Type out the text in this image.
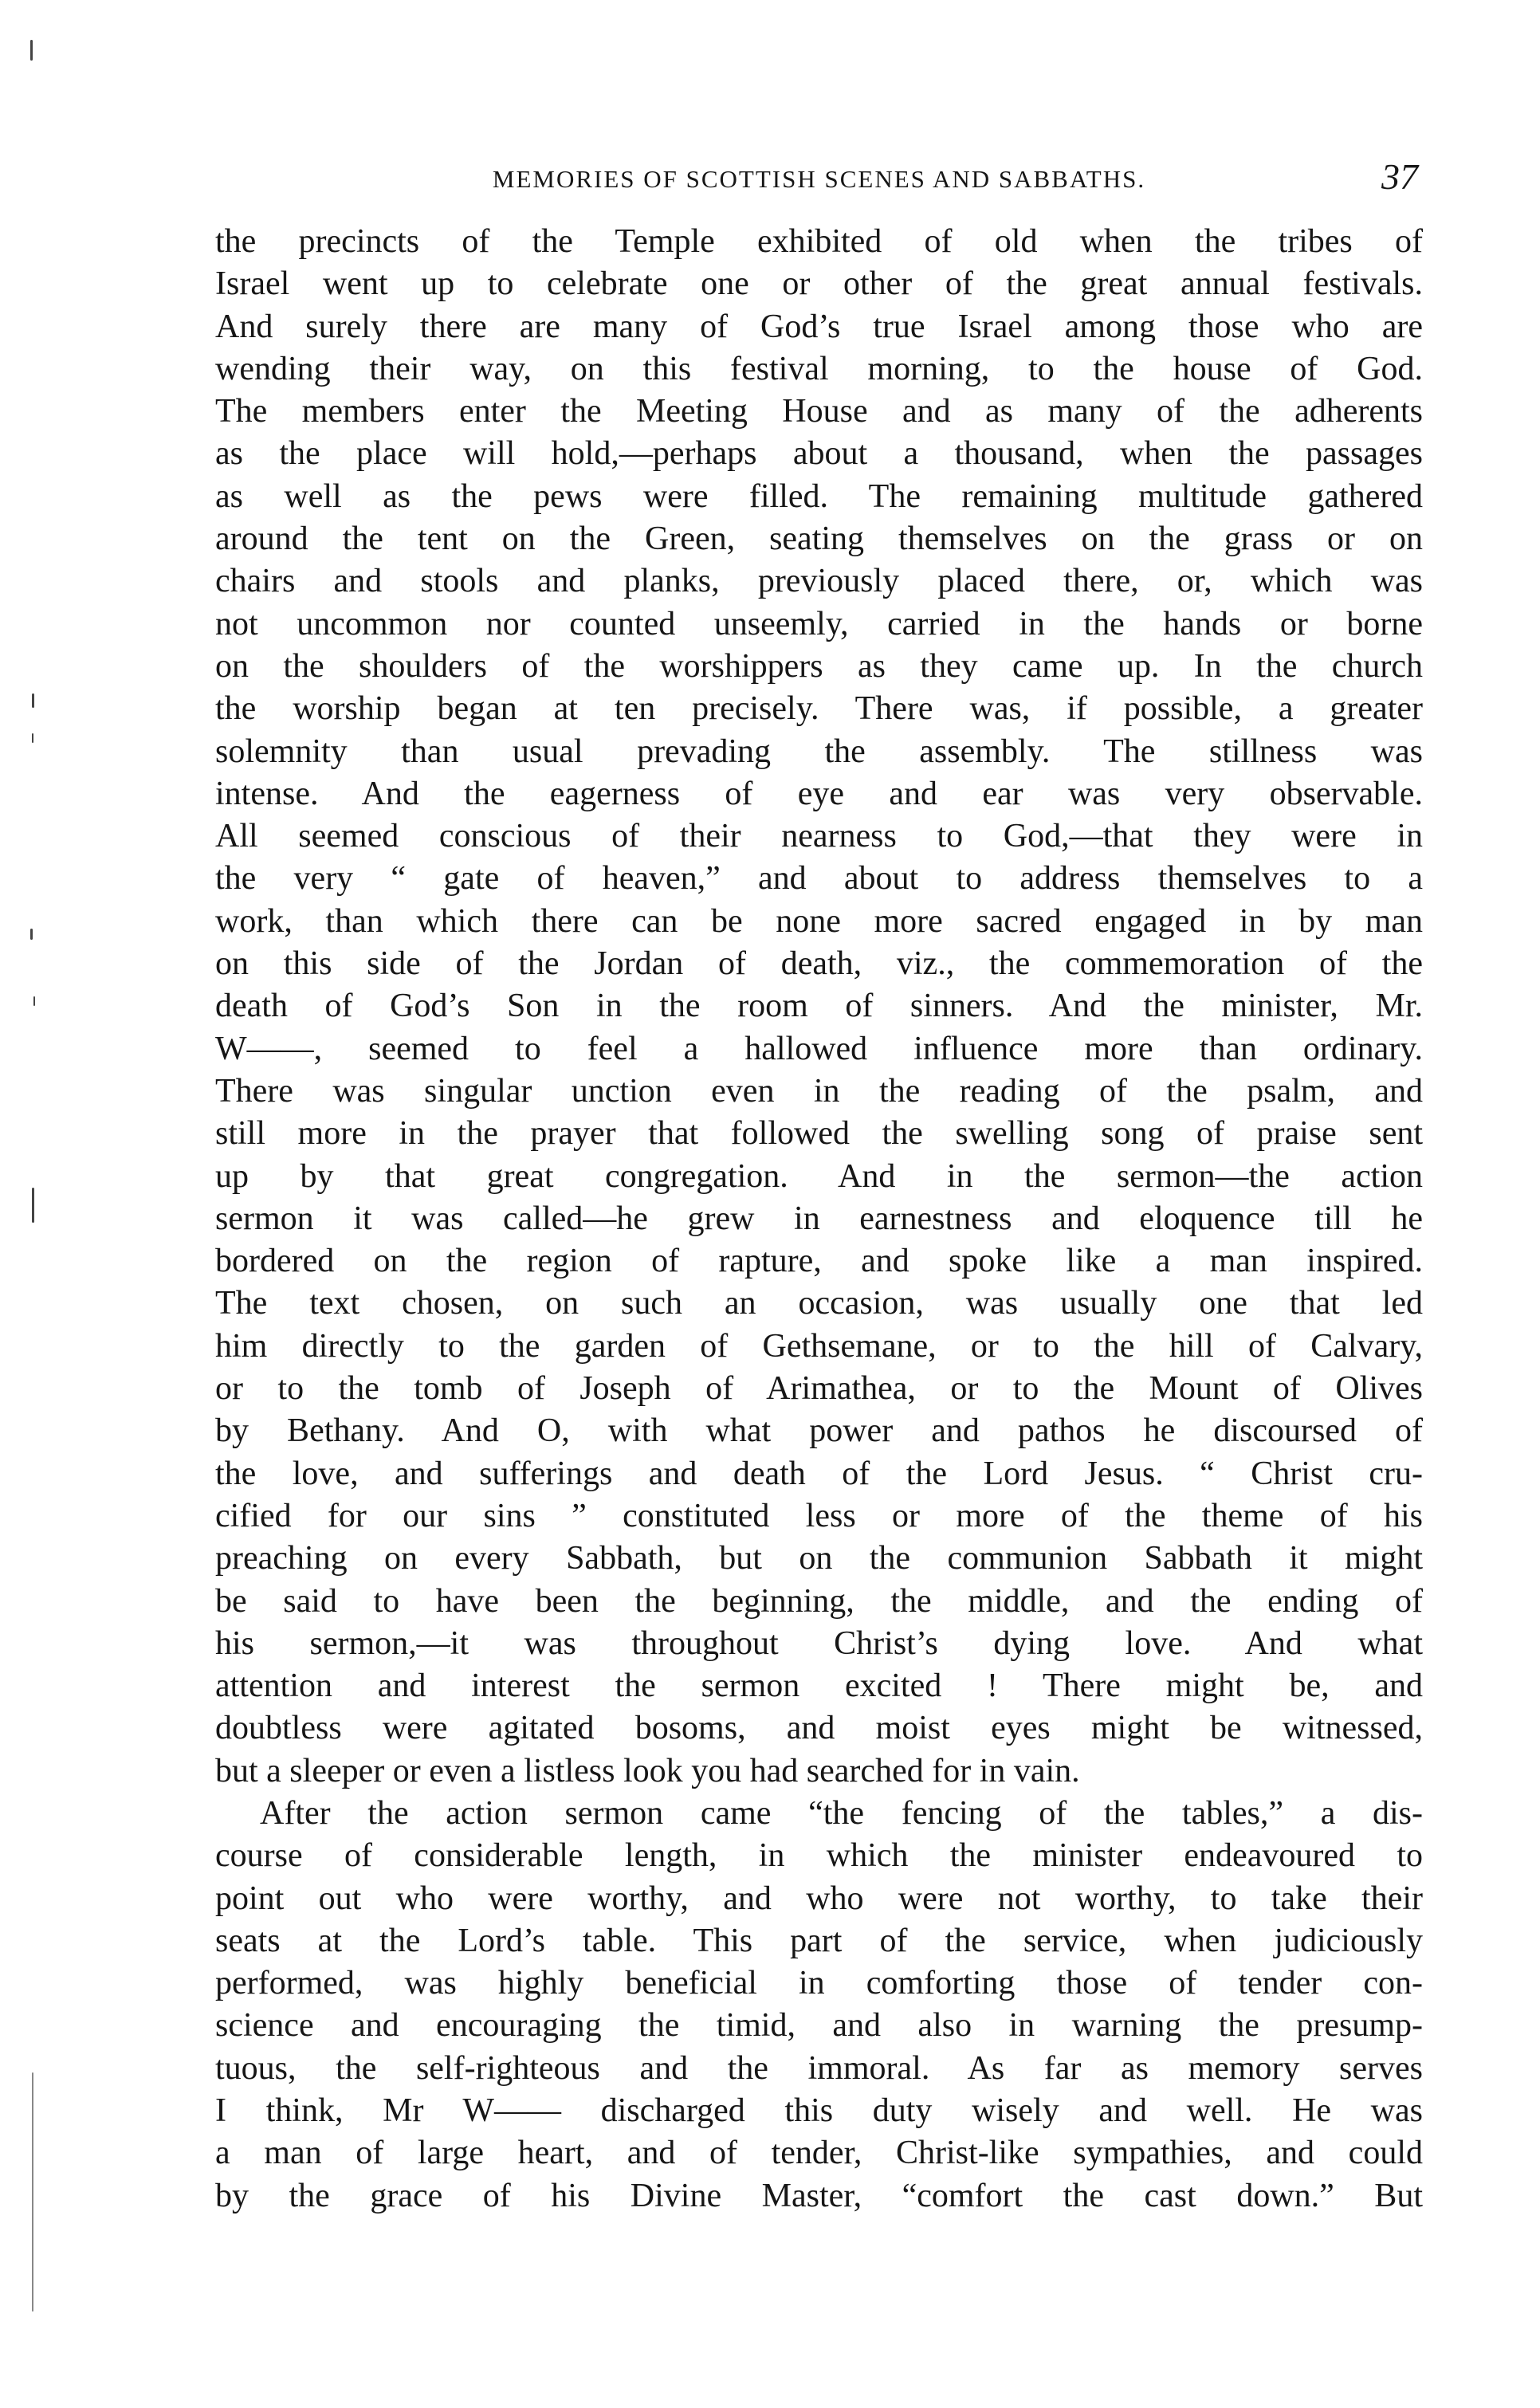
MEMORIES OF SCOTTISH SCENES AND SABBATHS.	37
the precincts of the Temple exhibited of old when the tribes of
Israel went up to celebrate one or other of the great annual festivals.
And surely there are many of God’s true Israel among those who are
wending their way, on this festival morning, to the house of God.
The members enter the Meeting House and as many of the adherents
as the place will hold,—perhaps about a thousand, when the passages
as well as the pews were filled. The remaining multitude gathered
around the tent on the Green, seating themselves on the grass or on
chairs and stools and planks, previously placed there, or, which was
not uncommon nor counted unseemly, carried in the hands or borne
on the shoulders of the worshippers as they came up. In the church
the worship began at ten precisely. There was, if possible, a greater
solemnity than usual prevading the assembly. The stillness was
intense. And the eagerness of eye and ear was very observable.
All seemed conscious of their nearness to God,—that they were in
the very “ gate of heaven,” and about to address themselves to a
work, than which there can be none more sacred engaged in by man
on this side of the Jordan of death, viz., the commemoration of the
death of God’s Son in the room of sinners. And the minister, Mr.
W——, seemed to feel a hallowed influence more than ordinary.
There was singular unction even in the reading of the psalm, and
still more in the prayer that followed the swelling song of praise sent
up by that great congregation. And in the sermon—the action
sermon it was called—he grew in earnestness and eloquence till he
bordered on the region of rapture, and spoke like a man inspired.
The text chosen, on such an occasion, was usually one that led
him directly to the garden of Gethsemane, or to the hill of Calvary,
or to the tomb of Joseph of Arimathea, or to the Mount of Olives
by Bethany. And O, with what power and pathos he discoursed of
the love, and sufferings and death of the Lord Jesus. “ Christ cru-
cified for our sins ” constituted less or more of the theme of his
preaching on every Sabbath, but on the communion Sabbath it might
be said to have been the beginning, the middle, and the ending of
his sermon,—it was throughout Christ’s dying love. And what
attention and interest the sermon excited ! There might be, and
doubtless were agitated bosoms, and moist eyes might be witnessed,
but a sleeper or even a listless look you had searched for in vain.
After the action sermon came “the fencing of the tables,” a dis-
course of considerable length, in which the minister endeavoured to
point out who were worthy, and who were not worthy, to take their
seats at the Lord’s table. This part of the service, when judiciously
performed, was highly beneficial in comforting those of tender con-
science and encouraging the timid, and also in warning the presump-
tuous, the self-righteous and the immoral. As far as memory serves
I think, Mr W—— discharged this duty wisely and well. He was
a man of large heart, and of tender, Christ-like sympathies, and could
by the grace of his Divine Master, “comfort the cast down.” But
